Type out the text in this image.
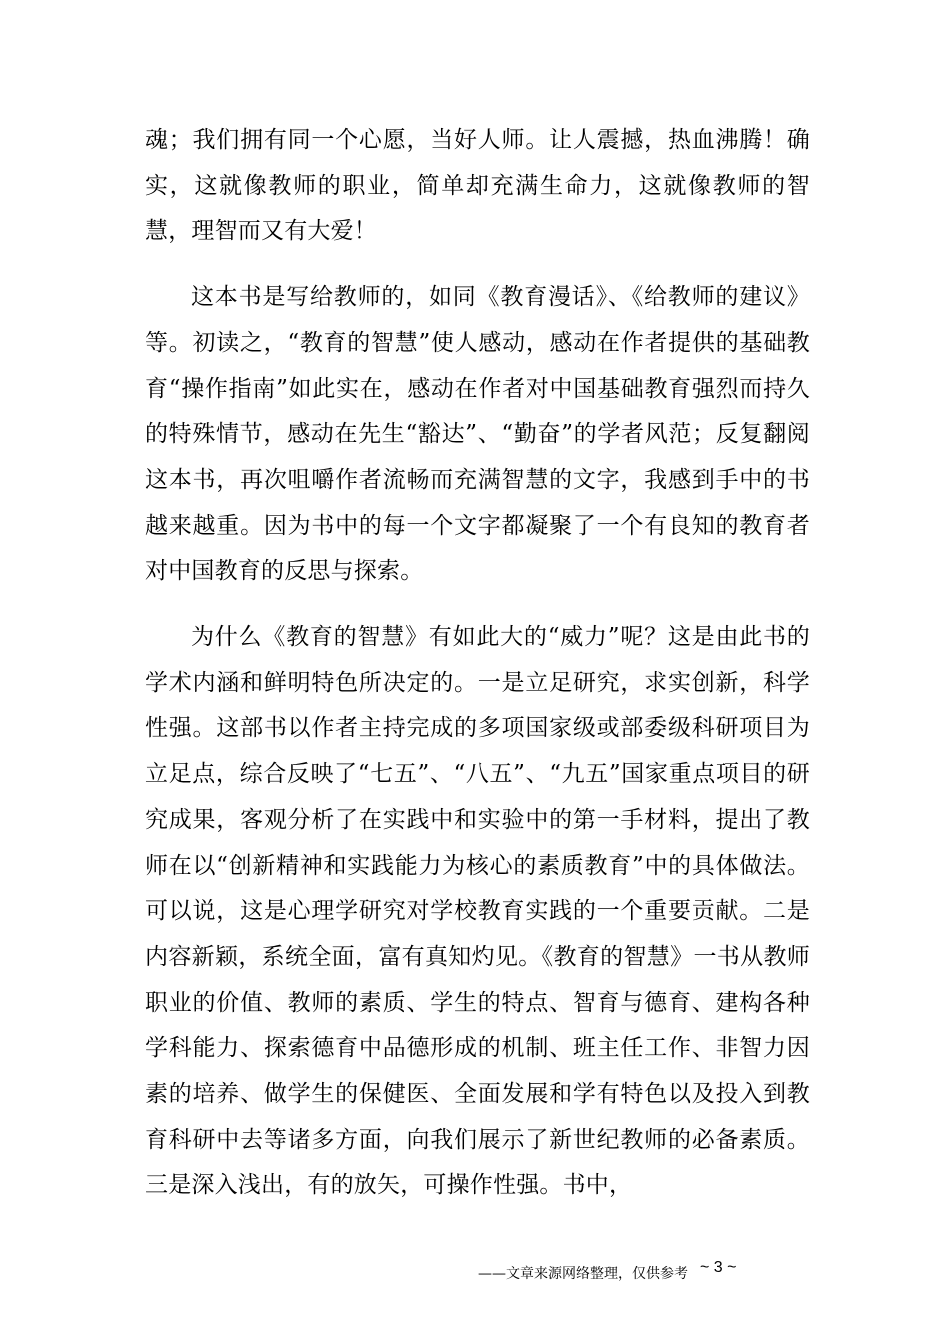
魂；我们拥有同一个心愿，当好人师。让人震撼，热血沸腾！确实，这就像教师的职业，简单却充满生命力，这就像教师的智慧，理智而又有大爱！

这本书是写给教师的，如同《教育漫话》、《给教师的建议》等。初读之，“教育的智慧”使人感动，感动在作者提供的基础教育“操作指南”如此实在，感动在作者对中国基础教育强烈而持久的特殊情节，感动在先生“豁达”、“勤奋”的学者风范；反复翻阅这本书，再次咀嚼作者流畅而充满智慧的文字，我感到手中的书越来越重。因为书中的每一个文字都凝聚了一个有良知的教育者对中国教育的反思与探索。

为什么《教育的智慧》有如此大的“威力”呢？这是由此书的学术内涵和鲜明特色所决定的。一是立足研究，求实创新，科学性强。这部书以作者主持完成的多项国家级或部委级科研项目为立足点，综合反映了“七五”、“八五”、“九五”国家重点项目的研究成果，客观分析了在实践中和实验中的第一手材料，提出了教师在以“创新精神和实践能力为核心的素质教育”中的具体做法。可以说，这是心理学研究对学校教育实践的一个重要贡献。二是内容新颖，系统全面，富有真知灼见。《教育的智慧》一书从教师职业的价值、教师的素质、学生的特点、智育与德育、建构各种学科能力、探索德育中品德形成的机制、班主任工作、非智力因素的培养、做学生的保健医、全面发展和学有特色以及投入到教育科研中去等诸多方面，向我们展示了新世纪教师的必备素质。三是深入浅出，有的放矢，可操作性强。书中，

——文章来源网络整理，仅供参考 ~ 3 ~
